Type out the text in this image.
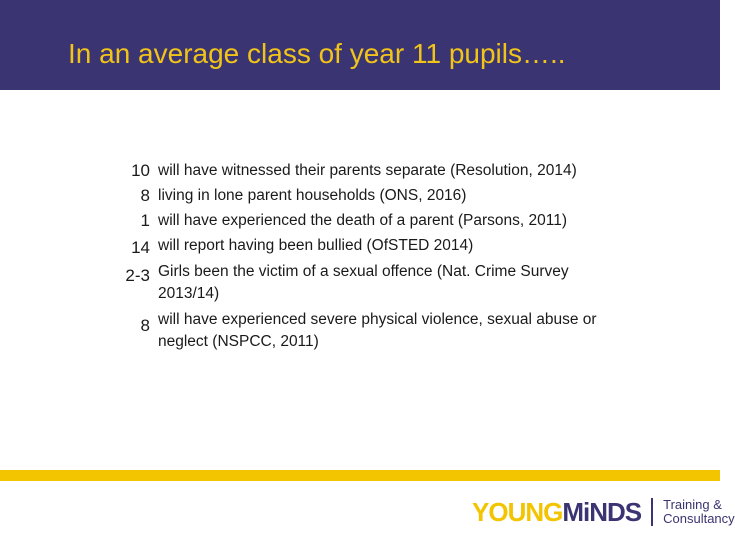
In an average class of year 11 pupils…..
10 will have witnessed their parents separate (Resolution, 2014)
8 living in lone parent households (ONS, 2016)
1 will have experienced the death of a parent (Parsons, 2011)
14 will report having been bullied (OfSTED 2014)
2-3 Girls been the victim of a sexual offence (Nat. Crime Survey 2013/14)
8 will have experienced severe physical violence, sexual abuse or neglect (NSPCC, 2011)
YOUNGMiNDS Training &
Consultancy
